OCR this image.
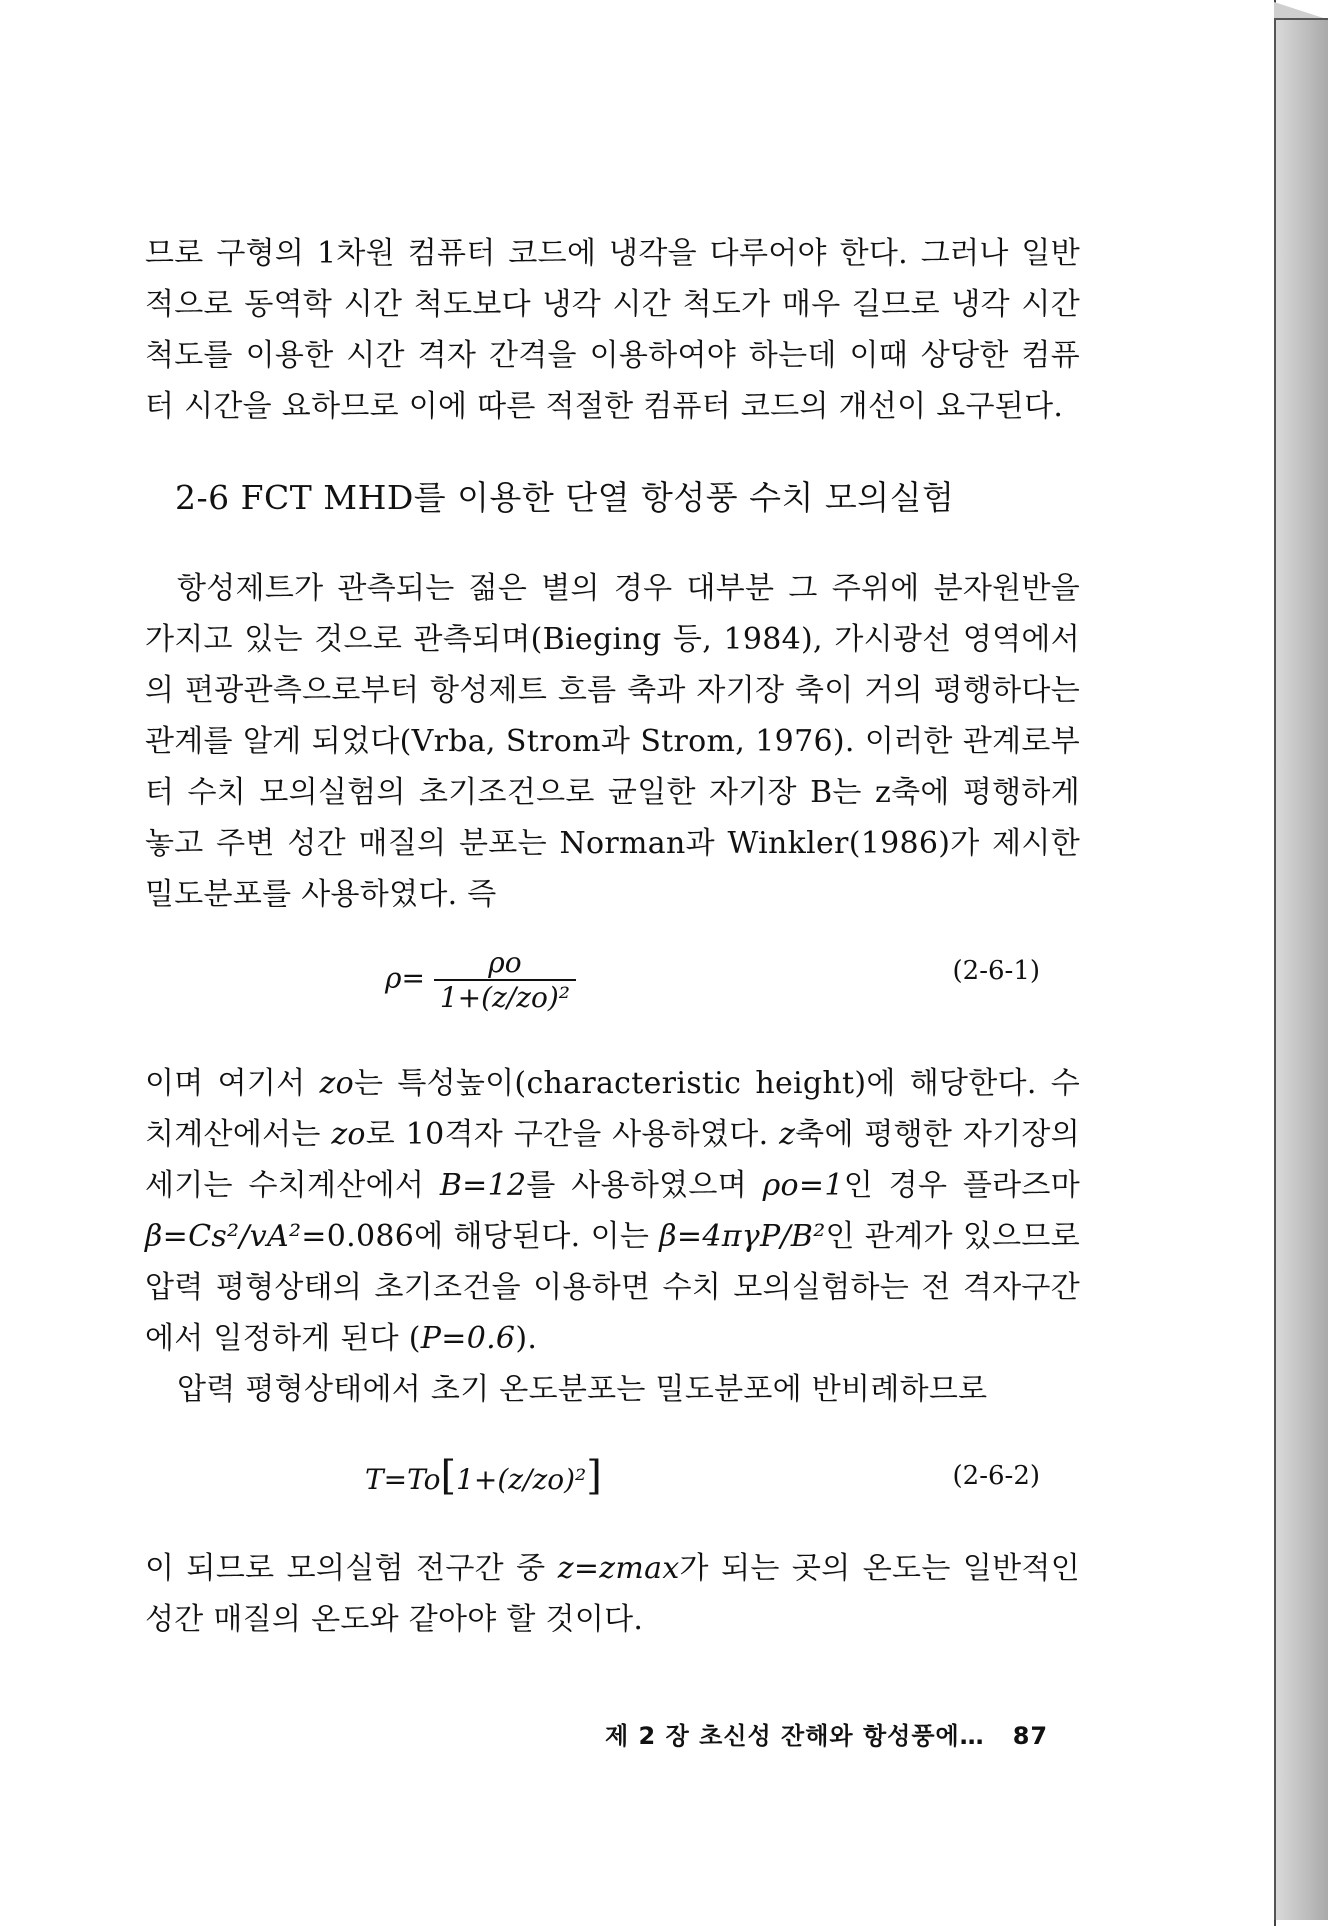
므로 구형의 1차원 컴퓨터 코드에 냉각을 다루어야 한다. 그러나 일반적으로 동역학 시간 척도보다 냉각 시간 척도가 매우 길므로 냉각 시간 척도를 이용한 시간 격자 간격을 이용하여야 하는데 이때 상당한 컴퓨터 시간을 요하므로 이에 따른 적절한 컴퓨터 코드의 개선이 요구된다.

2-6 FCT MHD를 이용한 단열 항성풍 수치 모의실험

항성제트가 관측되는 젊은 별의 경우 대부분 그 주위에 분자원반을 가지고 있는 것으로 관측되며(Bieging 등, 1984), 가시광선 영역에서의 편광관측으로부터 항성제트 흐름 축과 자기장 축이 거의 평행하다는 관계를 알게 되었다(Vrba, Strom과 Strom, 1976). 이러한 관계로부터 수치 모의실험의 초기조건으로 균일한 자기장 B는 z축에 평행하게 놓고 주변 성간 매질의 분포는 Norman과 Winkler(1986)가 제시한 밀도분포를 사용하였다. 즉

$\rho= \frac{\rho o}{\text{1+(z/zo)²}}$	(2-6-1)

이며 여기서 zo는 특성높이(characteristic height)에 해당한다. 수치계산에서는 zo로 10격자 구간을 사용하였다. z축에 평행한 자기장의 세기는 수치계산에서 B=12를 사용하였으며 ρo=1인 경우 플라즈마 β=Cs²/vA²=0.086에 해당된다. 이는 β=4πγP/B²인 관계가 있으므로 압력 평형상태의 초기조건을 이용하면 수치 모의실험하는 전 격자구간에서 일정하게 된다 (P=0.6).

압력 평형상태에서 초기 온도분포는 밀도분포에 반비례하므로

T=To[1+(z/zo)²]	(2-6-2)

이 되므로 모의실험 전구간 중 z=zmax가 되는 곳의 온도는 일반적인 성간 매질의 온도와 같아야 할 것이다.

제 2 장 초신성 잔해와 항성풍에… 87
